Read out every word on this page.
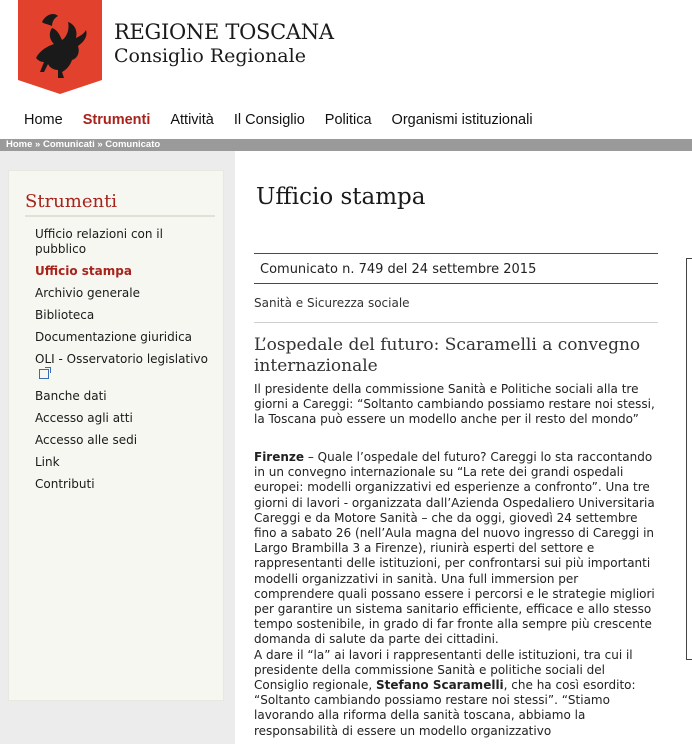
REGIONE TOSCANA
Consiglio Regionale
Home Strumenti Attività Il Consiglio Politica Organismi istituzionali
Home » Comunicati » Comunicato
Strumenti
Ufficio relazioni con il pubblico
Ufficio stampa
Archivio generale
Biblioteca
Documentazione giuridica
OLI - Osservatorio legislativo
Banche dati
Accesso agli atti
Accesso alle sedi
Link
Contributi
Ufficio stampa
Comunicato n. 749 del 24 settembre 2015
Sanità e Sicurezza sociale
L’ospedale del futuro: Scaramelli a convegno internazionale
Il presidente della commissione Sanità e Politiche sociali alla tre giorni a Careggi: “Soltanto cambiando possiamo restare noi stessi, la Toscana può essere un modello anche per il resto del mondo”

Firenze – Quale l’ospedale del futuro? Careggi lo sta raccontando in un convegno internazionale su “La rete dei grandi ospedali europei: modelli organizzativi ed esperienze a confronto”. Una tre giorni di lavori - organizzata dall’Azienda Ospedaliero Universitaria Careggi e da Motore Sanità – che da oggi, giovedì 24 settembre fino a sabato 26 (nell’Aula magna del nuovo ingresso di Careggi in Largo Brambilla 3 a Firenze), riunirà esperti del settore e rappresentanti delle istituzioni, per confrontarsi sui più importanti modelli organizzativi in sanità. Una full immersion per comprendere quali possano essere i percorsi e le strategie migliori per garantire un sistema sanitario efficiente, efficace e allo stesso tempo sostenibile, in grado di far fronte alla sempre più crescente domanda di salute da parte dei cittadini.

A dare il “la” ai lavori i rappresentanti delle istituzioni, tra cui il presidente della commissione Sanità e politiche sociali del Consiglio regionale, Stefano Scaramelli, che ha così esordito: “Soltanto cambiando possiamo restare noi stessi”. “Stiamo lavorando alla riforma della sanità toscana, abbiamo la responsabilità di essere un modello organizzativo
